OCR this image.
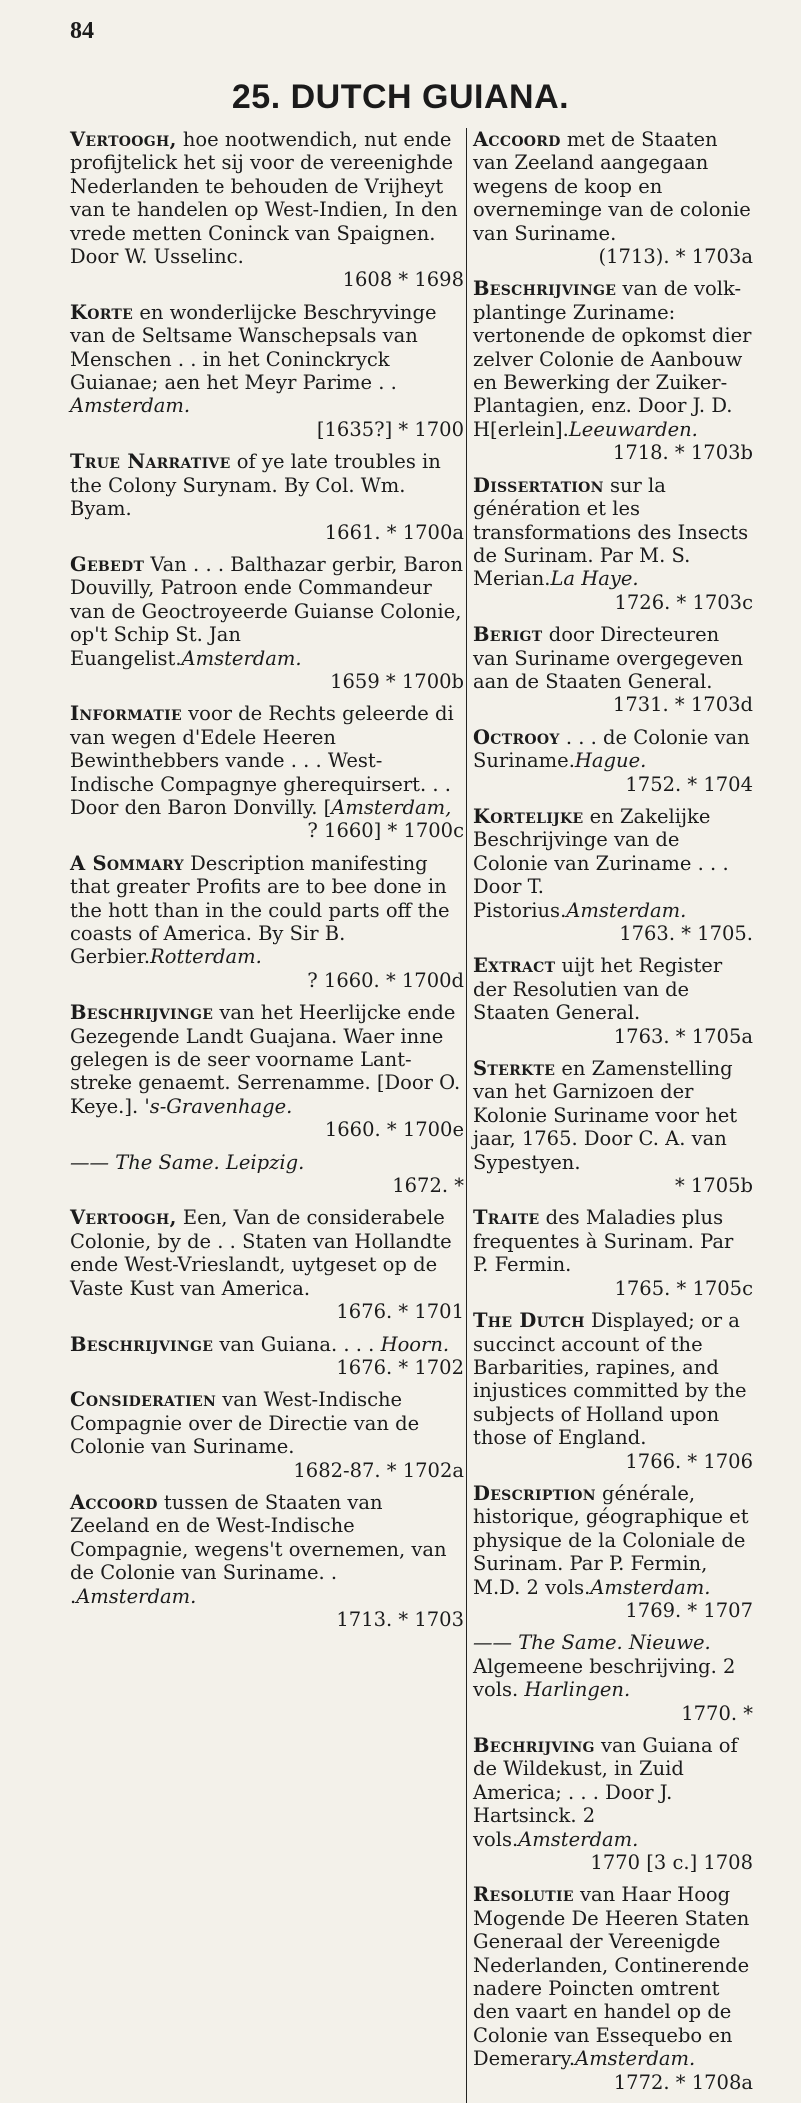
84
25. DUTCH GUIANA.
Vertoogh, hoe nootwendich, nut ende profijtelick het sij voor de vereenighde Nederlanden te behouden de Vrijheyt van te handelen op West-Indien, In den vrede metten Coninck van Spaignen. Door W. Usselinc.
1608 * 1698
Korte en wonderlijcke Beschryvinge van de Seltsame Wanschepsals van Menschen . . in het Coninckryck Guianae; aen het Meyr Parime . . Amsterdam.
[1635?] * 1700
True Narrative of ye late troubles in the Colony Surynam. By Col. Wm. Byam.
1661. * 1700a
Gebedt Van . . . Balthazar gerbir, Baron Douvilly, Patroon ende Commandeur van de Geoctroyeerde Guianse Colonie, op't Schip St. Jan Euangelist.Amsterdam.
1659 * 1700b
Informatie voor de Rechts geleerde di van wegen d'Edele Heeren Bewinthebbers vande . . . West-Indische Compagnye gherequirsert. . . Door den Baron Donvilly. [Amsterdam,
? 1660] * 1700c
A Sommary Description manifesting that greater Profits are to bee done in the hott than in the could parts off the coasts of America. By Sir B. Gerbier.Rotterdam.
? 1660. * 1700d
Beschrijvinge van het Heerlijcke ende Gezegende Landt Guajana. Waer inne gelegen is de seer voorname Lant-streke genaemt. Serrenamme. [Door O. Keye.]. 's-Gravenhage.
1660. * 1700e
—— The Same. Leipzig.
1672. *
Vertoogh, Een, Van de considerabele Colonie, by de . . Staten van Hollandte ende West-Vrieslandt, uytgeset op de Vaste Kust van America.
1676. * 1701
Beschrijvinge van Guiana. . . . Hoorn.
1676. * 1702
Consideratien van West-Indische Compagnie over de Directie van de Colonie van Suriname.
1682-87. * 1702a
Accoord tussen de Staaten van Zeeland en de West-Indische Compagnie, wegens't overnemen, van de Colonie van Suriname. . .Amsterdam.
1713. * 1703
Accoord met de Staaten van Zeeland aangegaan wegens de koop en overneminge van de colonie van Suriname.
(1713). * 1703a
Beschrijvinge van de volk-plantinge Zuriname: vertonende de opkomst dier zelver Colonie de Aanbouw en Bewerking der Zuiker-Plantagien, enz. Door J. D. H[erlein].Leeuwarden.
1718. * 1703b
Dissertation sur la génération et les transformations des Insects de Surinam. Par M. S. Merian.La Haye.
1726. * 1703c
Berigt door Directeuren van Suriname overgegeven aan de Staaten General.
1731. * 1703d
Octrooy . . . de Colonie van Suriname.Hague.
1752. * 1704
Kortelijke en Zakelijke Beschrijvinge van de Colonie van Zuriname . . . Door T. Pistorius.Amsterdam.
1763. * 1705.
Extract uijt het Register der Resolutien van de Staaten General.
1763. * 1705a
Sterkte en Zamenstelling van het Garnizoen der Kolonie Suriname voor het jaar, 1765. Door C. A. van Sypestyen.
* 1705b
Traite des Maladies plus frequentes à Surinam. Par P. Fermin.
1765. * 1705c
The Dutch Displayed; or a succinct account of the Barbarities, rapines, and injustices committed by the subjects of Holland upon those of England.
1766. * 1706
Description générale, historique, géographique et physique de la Coloniale de Surinam. Par P. Fermin, M.D. 2 vols.Amsterdam.
1769. * 1707
—— The Same. Nieuwe. Algemeene beschrijving. 2 vols. Harlingen.
1770. *
Bechrijving van Guiana of de Wildekust, in Zuid America; . . . Door J. Hartsinck. 2 vols.Amsterdam.
1770 [3 c.] 1708
Resolutie van Haar Hoog Mogende De Heeren Staten Generaal der Vereenigde Nederlanden, Continerende nadere Poincten omtrent den vaart en handel op de Colonie van Essequebo en Demerary.Amsterdam.
1772. * 1708a
